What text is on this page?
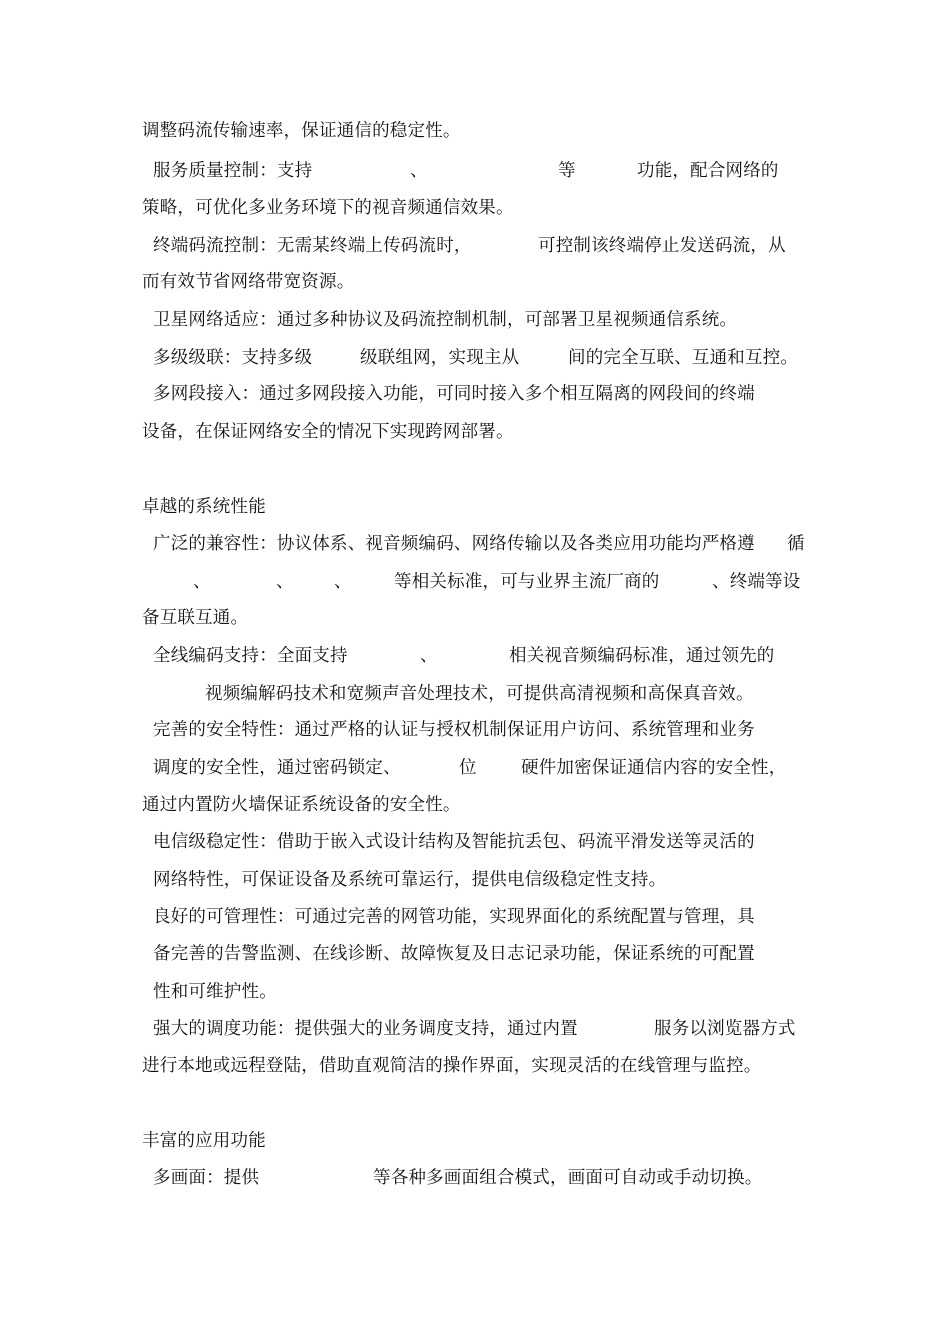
调整码流传输速率，保证通信的稳定性。
服务质量控制：支持	、	等	功能，配合网络的
策略，可优化多业务环境下的视音频通信效果。
终端码流控制：无需某终端上传码流时，	可控制该终端停止发送码流，从
而有效节省网络带宽资源。
卫星网络适应：通过多种协议及码流控制机制，可部署卫星视频通信系统。
多级级联：支持多级	级联组网，实现主从	间的完全互联、互通和互控。
多网段接入：通过多网段接入功能，可同时接入多个相互隔离的网段间的终端
设备，在保证网络安全的情况下实现跨网部署。
卓越的系统性能
广泛的兼容性：协议体系、视音频编码、网络传输以及各类应用功能均严格遵 循
、	、 、 等相关标准，可与业界主流厂商的	、终端等设
备互联互通。
全线编码支持：全面支持	、	相关视音频编码标准，通过领先的
视频编解码技术和宽频声音处理技术，可提供高清视频和高保真音效。
完善的安全特性：通过严格的认证与授权机制保证用户访问、系统管理和业务
调度的安全性，通过密码锁定、	位	硬件加密保证通信内容的安全性，
通过内置防火墙保证系统设备的安全性。
电信级稳定性：借助于嵌入式设计结构及智能抗丢包、码流平滑发送等灵活的
网络特性，可保证设备及系统可靠运行，提供电信级稳定性支持。
良好的可管理性：可通过完善的网管功能，实现界面化的系统配置与管理，具
备完善的告警监测、在线诊断、故障恢复及日志记录功能，保证系统的可配置
性和可维护性。
强大的调度功能：提供强大的业务调度支持，通过内置	服务以浏览器方式
进行本地或远程登陆，借助直观简洁的操作界面，实现灵活的在线管理与监控。
丰富的应用功能
多画面：提供	等各种多画面组合模式，画面可自动或手动切换。
